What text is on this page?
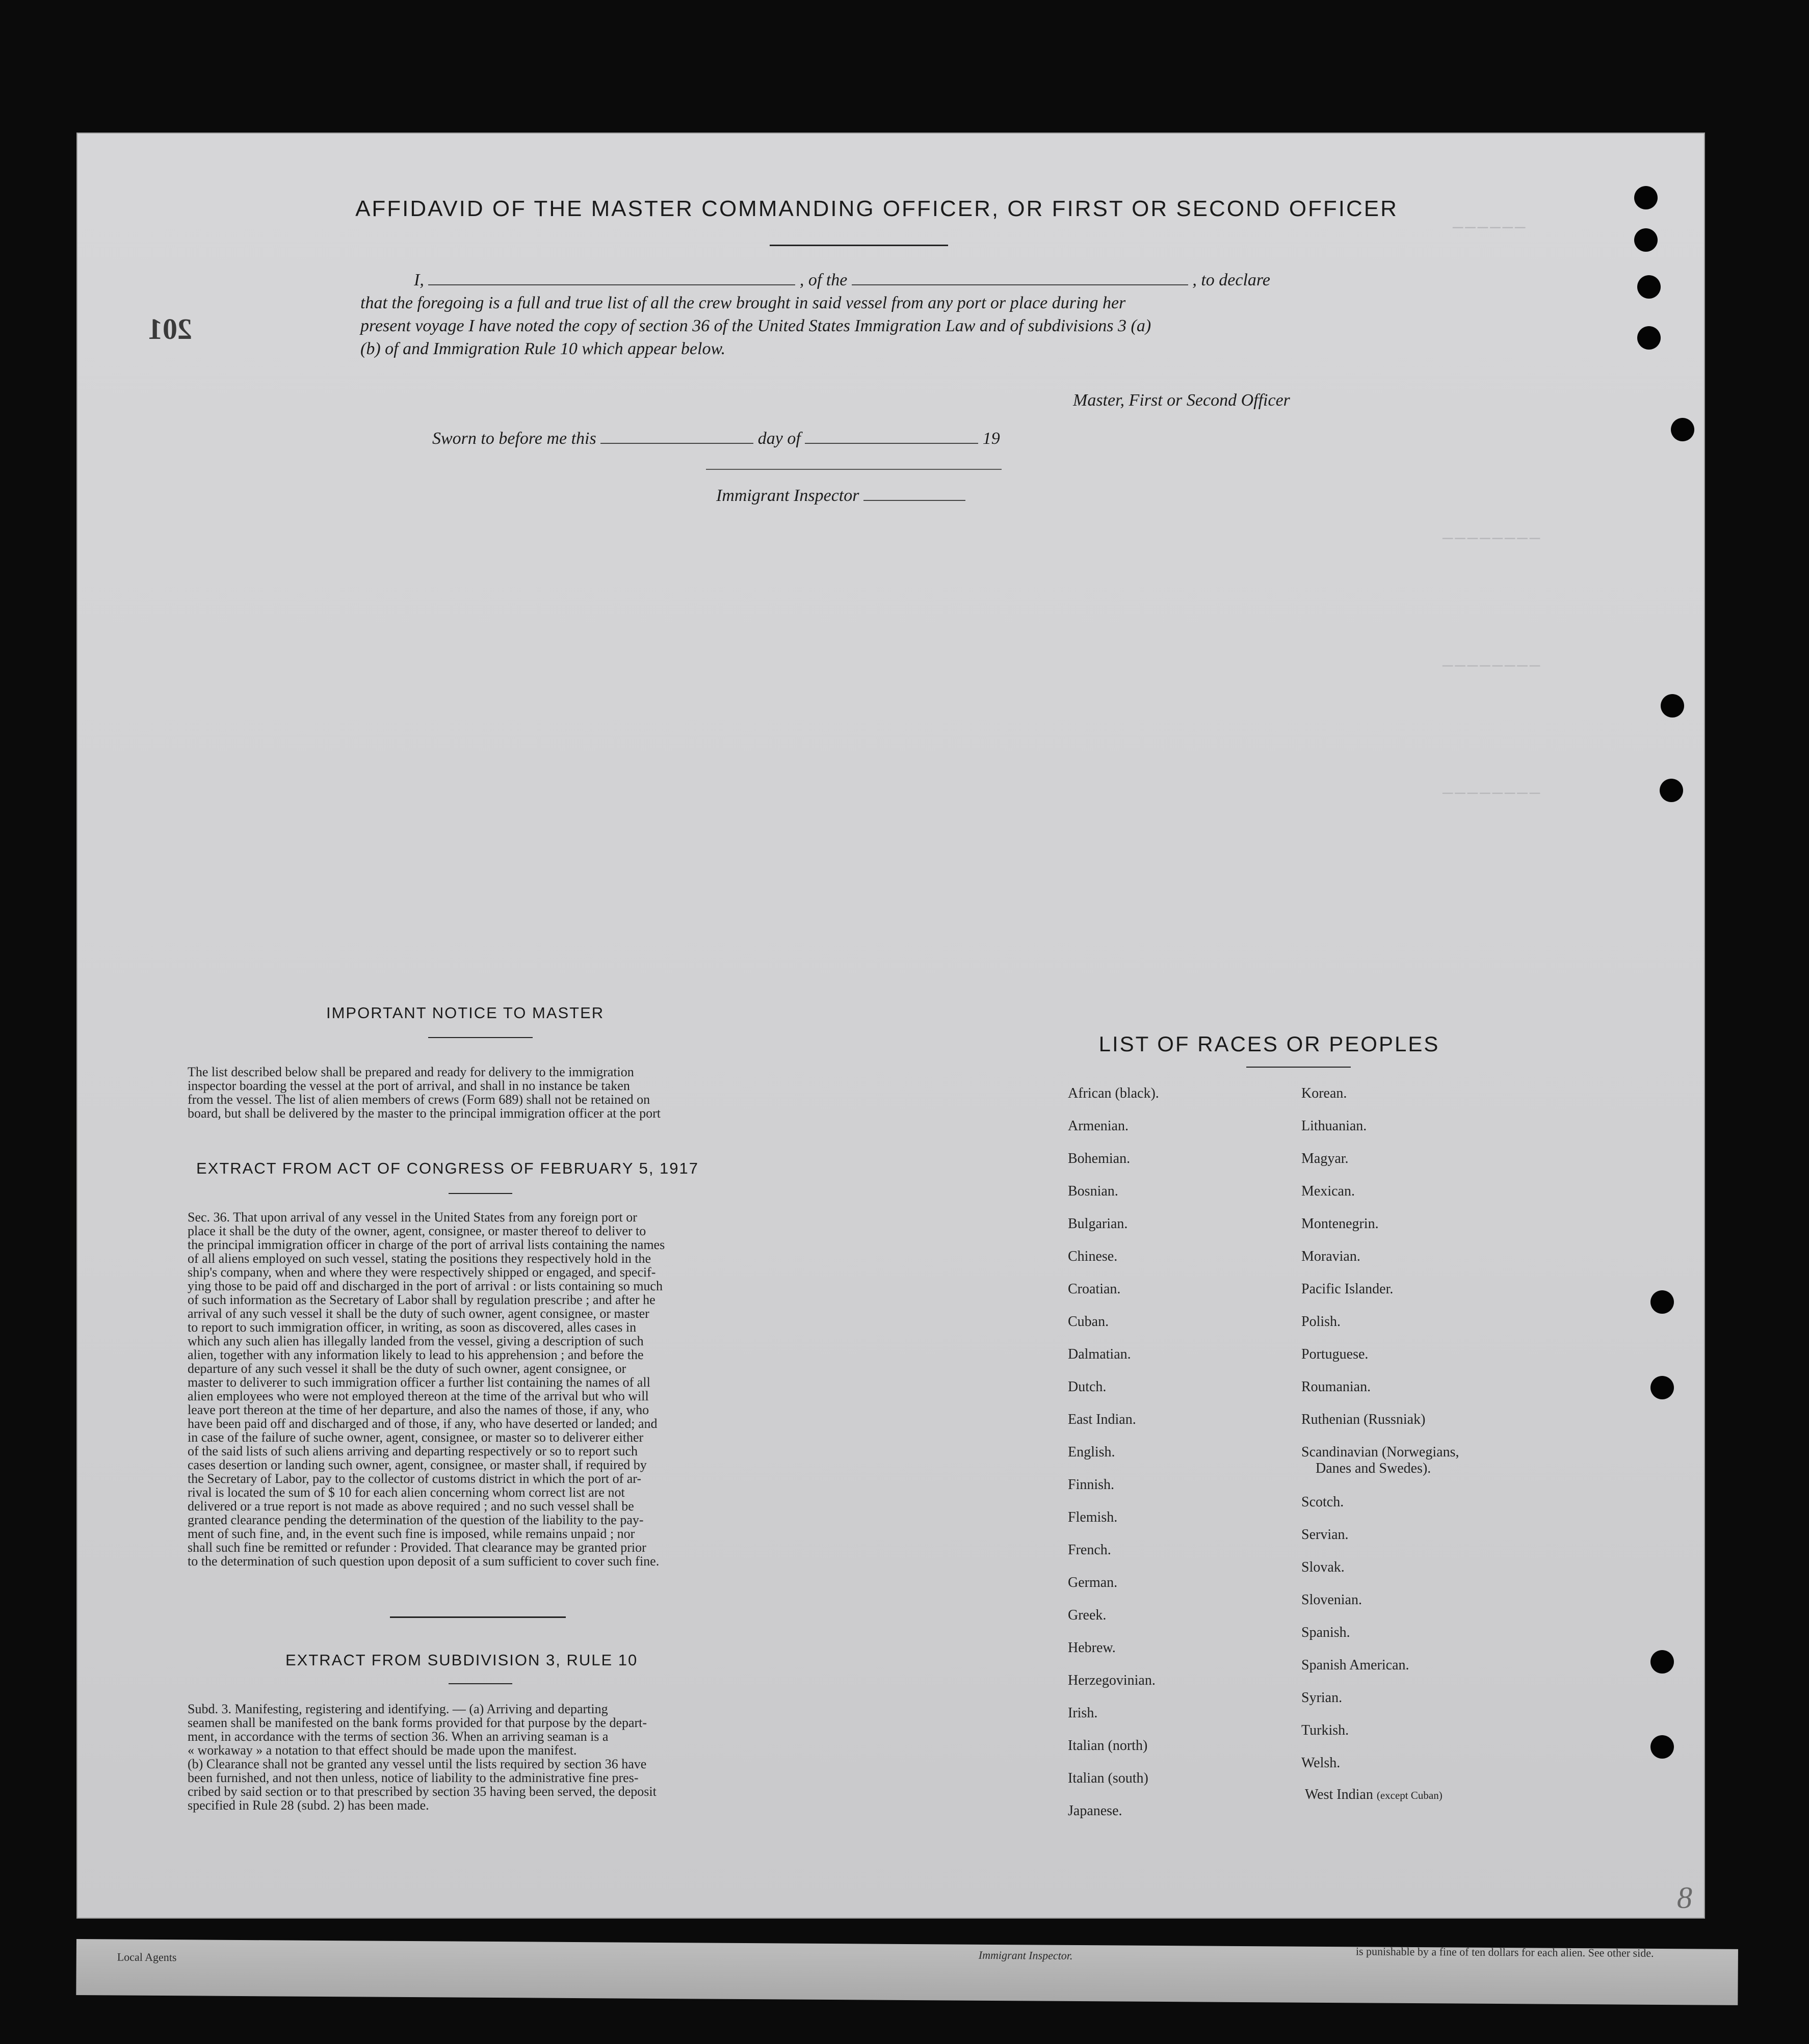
──────
────────
────────
────────
201
AFFIDAVID OF THE MASTER COMMANDING OFFICER, OR FIRST OR SECOND OFFICER
I,	, of the	, to declare
that the foregoing is a full and true list of all the crew brought in said vessel from any port or place during her
present voyage I have noted the copy of section 36 of the United States Immigration Law and of subdivisions 3 (a)
(b) of and Immigration Rule 10 which appear below.
Master, First or Second Officer
Sworn to before me this	day of	19
Immigrant Inspector
IMPORTANT NOTICE TO MASTER
The list described below shall be prepared and ready for delivery to the immigration
inspector boarding the vessel at the port of arrival, and shall in no instance be taken
from the vessel. The list of alien members of crews (Form 689) shall not be retained on
board, but shall be delivered by the master to the principal immigration officer at the port
EXTRACT FROM ACT OF CONGRESS OF FEBRUARY 5, 1917
Sec. 36. That upon arrival of any vessel in the United States from any foreign port or
place it shall be the duty of the owner, agent, consignee, or master thereof to deliver to
the principal immigration officer in charge of the port of arrival lists containing the names
of all aliens employed on such vessel, stating the positions they respectively hold in the
ship's company, when and where they were respectively shipped or engaged, and specif-
ying those to be paid off and discharged in the port of arrival : or lists containing so much
of such information as the Secretary of Labor shall by regulation prescribe ; and after he
arrival of any such vessel it shall be the duty of such owner, agent consignee, or master
to report to such immigration officer, in writing, as soon as discovered, alles cases in
which any such alien has illegally landed from the vessel, giving a description of such
alien, together with any information likely to lead to his apprehension ; and before the
departure of any such vessel it shall be the duty of such owner, agent consignee, or
master to deliverer to such immigration officer a further list containing the names of all
alien employees who were not employed thereon at the time of the arrival but who will
leave port thereon at the time of her departure, and also the names of those, if any, who
have been paid off and discharged and of those, if any, who have deserted or landed; and
in case of the failure of suche owner, agent, consignee, or master so to deliverer either
of the said lists of such aliens arriving and departing respectively or so to report such
cases desertion or landing such owner, agent, consignee, or master shall, if required by
the Secretary of Labor, pay to the collector of customs district in which the port of ar-
rival is located the sum of $ 10 for each alien concerning whom correct list are not
delivered or a true report is not made as above required ; and no such vessel shall be
granted clearance pending the determination of the question of the liability to the pay-
ment of such fine, and, in the event such fine is imposed, while remains unpaid ; nor
shall such fine be remitted or refunder : Provided. That clearance may be granted prior
to the determination of such question upon deposit of a sum sufficient to cover such fine.
EXTRACT FROM SUBDIVISION 3, RULE 10
Subd. 3. Manifesting, registering and identifying. — (a) Arriving and departing
seamen shall be manifested on the bank forms provided for that purpose by the depart-
ment, in accordance with the terms of section 36. When an arriving seaman is a
« workaway » a notation to that effect should be made upon the manifest.
(b) Clearance shall not be granted any vessel until the lists required by section 36 have
been furnished, and not then unless, notice of liability to the administrative fine pres-
cribed by said section or to that prescribed by section 35 having been served, the deposit
specified in Rule 28 (subd. 2) has been made.
LIST OF RACES OR PEOPLES
African (black).
Armenian.
Bohemian.
Bosnian.
Bulgarian.
Chinese.
Croatian.
Cuban.
Dalmatian.
Dutch.
East Indian.
English.
Finnish.
Flemish.
French.
German.
Greek.
Hebrew.
Herzegovinian.
Irish.
Italian (north)
Italian (south)
Japanese.
Korean.
Lithuanian.
Magyar.
Mexican.
Montenegrin.
Moravian.
Pacific Islander.
Polish.
Portuguese.
Roumanian.
Ruthenian (Russniak)
Scandinavian (Norwegians,
Danes and Swedes).
Scotch.
Servian.
Slovak.
Slovenian.
Spanish.
Spanish American.
Syrian.
Turkish.
Welsh.
West Indian (except Cuban)
8
Local Agents	Immigrant Inspector.	is punishable by a fine of ten dollars for each alien. See other side.
